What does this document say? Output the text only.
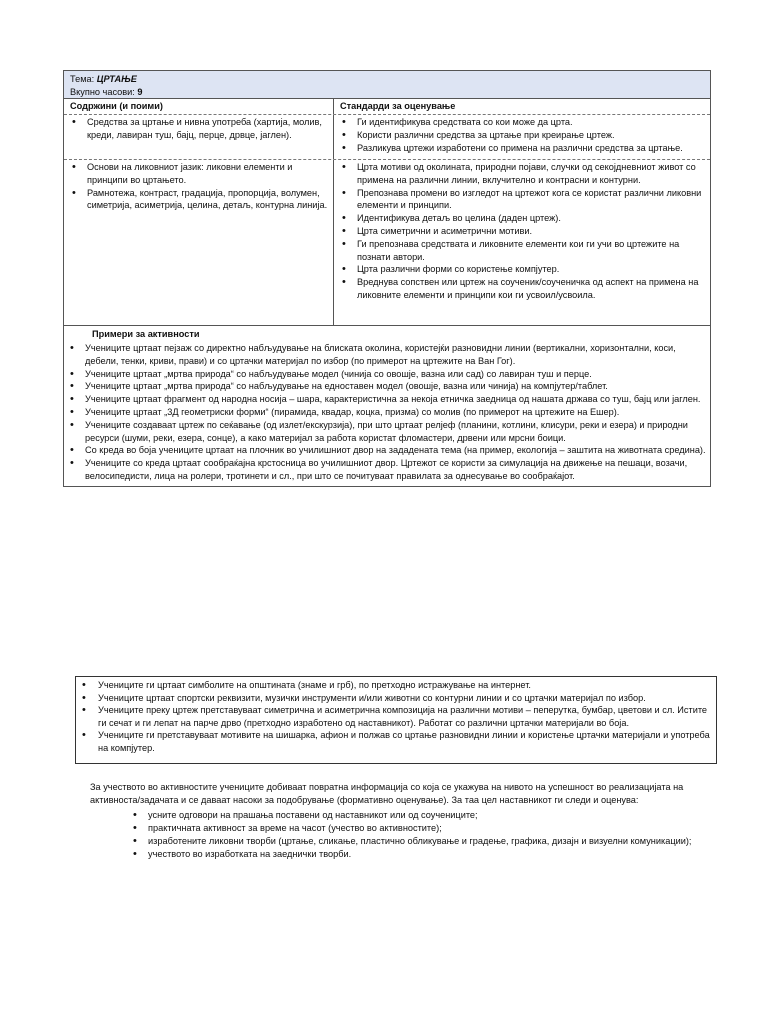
Тема: ЦРТАЊЕ
Вкупно часови: 9
Содржини (и поими)	Стандарди за оценување
• Средства за цртање и нивна употреба (хартија, молив, креди, лавиран туш, бајц, перце, дрвце, јаглен).
• Ги идентификува средствата со кои може да црта.
• Користи различни средства за цртање при креирање цртеж.
• Разликува цртежи изработени со примена на различни средства за цртање.
• Основи на ликовниот јазик: ликовни елементи и принципи во цртањето.
• Рамнотежа, контраст, градација, пропорција, волумен, симетрија, асиметрија, целина, детаљ, контурна линија.
• Црта мотиви од околината, природни појави, случки од секојдневниот живот со примена на различни линии, вклучително и контрасни и контурни.
• Препознава промени во изгледот на цртежот кога се користат различни ликовни елементи и принципи.
• Идентификува детаљ во целина (даден цртеж).
• Црта симетрични и асиметрични мотиви.
• Ги препознава средствата и ликовните елементи кои ги учи во цртежите на познати автори.
• Црта различни форми со користење компјутер.
• Вреднува сопствен или цртеж на соученик/соученичка од аспект на примена на ликовните елементи и принципи кои ги усвоил/усвоила.
Примери за активности
• Учениците цртаат пејзаж со директно набљудување на блиската околина, користејќи разновидни линии (вертикални, хоризонтални, коси, дебели, тенки, криви, прави) и со цртачки материјал по избор (по примерот на цртежите на Ван Гог).
• Учениците цртаат „мртва природа“ со набљудување модел (чинија со овошје, вазна или сад) со лавиран туш и перце.
• Учениците цртаат „мртва природа“ со набљудување на едноставен модел (овошје, вазна или чинија) на компјутер/таблет.
• Учениците цртаат фрагмент од народна носија – шара, карактеристична за некоја етничка заедница од нашата држава со туш, бајц или јаглен.
• Учениците цртаат „3Д геометриски форми“ (пирамида, квадар, коцка, призма) со молив (по примерот на цртежите на Ешер).
• Учениците создаваат цртеж по сеќавање (од излет/екскурзија), при што цртаат релјеф (планини, котлини, клисури, реки и езера) и природни ресурси (шуми, реки, езера, сонце), а како материјал за работа користат фломастери, дрвени или мрсни боици.
• Со креда во боја учениците цртаат на плочник во училишниот двор на зададената тема (на пример, екологија – заштита на животната средина).
• Учениците со креда цртаат сообраќајна крстосница во училишниот двор. Цртежот се користи за симулација на движење на пешаци, возачи, велосипедисти, лица на ролери, тротинети и сл., при што се почитуваат правилата за однесување во сообраќајот.
• Учениците ги цртаат симболите на општината (знаме и грб), по претходно истражување на интернет.
• Учениците цртаат спортски реквизити, музички инструменти и/или животни со контурни линии и со цртачки материјал по избор.
• Учениците преку цртеж претставуваат симетрична и асиметрична композиција на различни мотиви – пеперутка, бумбар, цветови и сл. Истите ги сечат и ги лепат на парче дрво (претходно изработено од наставникот). Работат со различни цртачки материјали во боја.
• Учениците ги претставуваат мотивите на шишарка, афион и полжав со цртање разновидни линии и користење цртачки материјали и употреба на компјутер.
За учеството во активностите учениците добиваат повратна информација со која се укажува на нивото на успешност во реализацијата на активноста/задачата и се даваат насоки за подобрување (формативно оценување). За таа цел наставникот ги следи и оценува:
• усните одговори на прашања поставени од наставникот или од соучениците;
• практичната активност за време на часот (учество во активностите);
• изработените ликовни творби (цртање, сликање, пластично обликување и градење, графика, дизајн и визуелни комуникации);
• учеството во изработката на заеднички творби.
